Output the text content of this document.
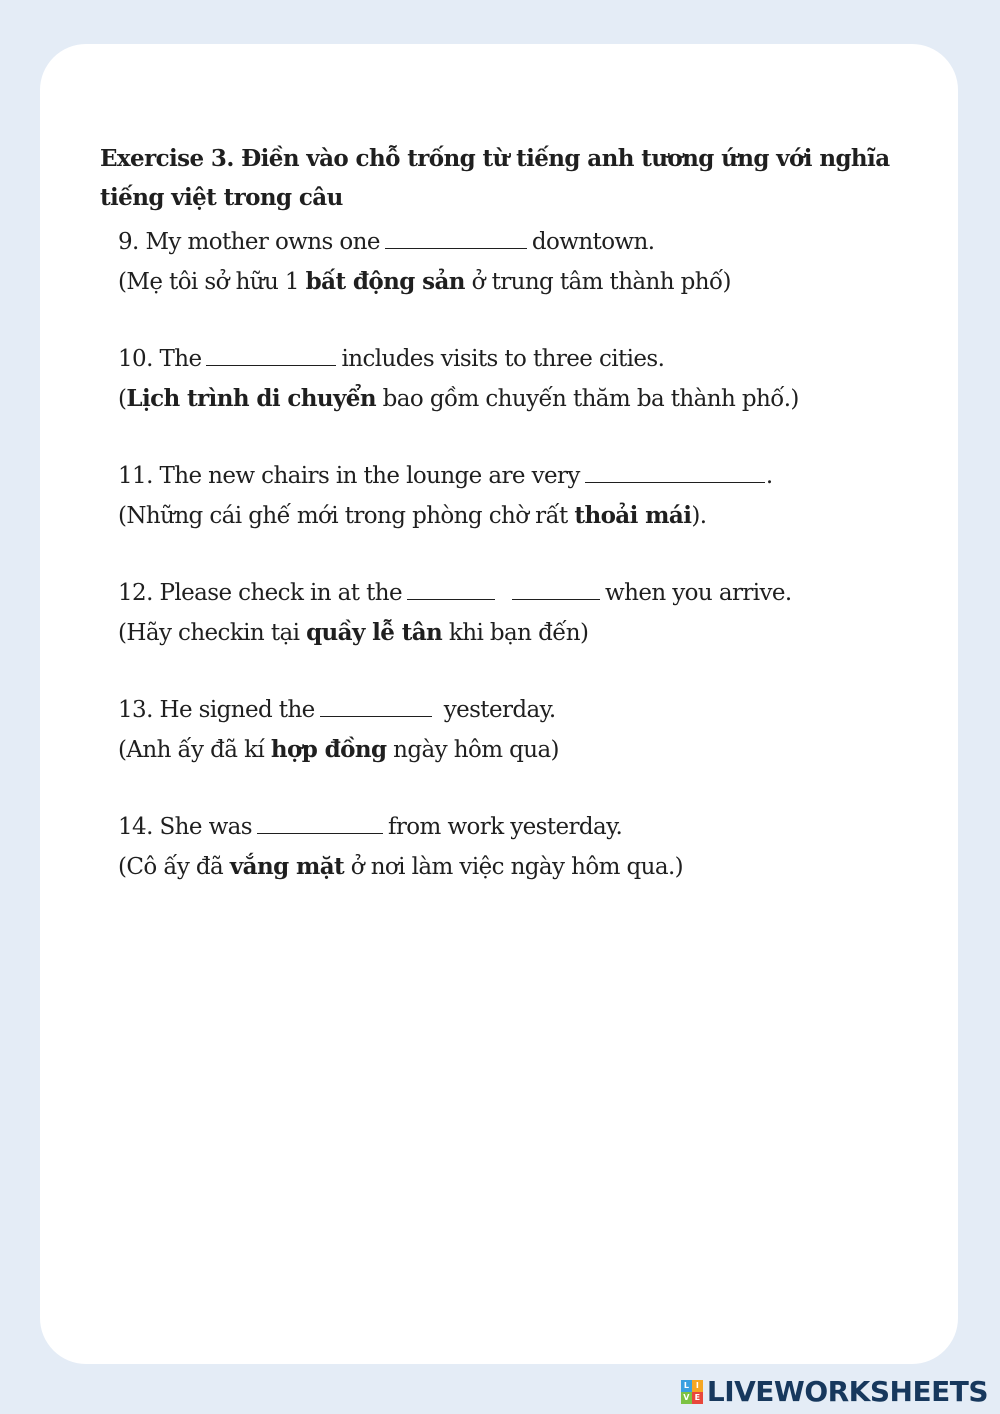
Exercise 3. Điền vào chỗ trống từ tiếng anh tương ứng với nghĩa tiếng việt trong câu
9. My mother owns one	downtown.
(Mẹ tôi sở hữu 1 bất động sản ở trung tâm thành phố)
10. The	includes visits to three cities.
(Lịch trình di chuyển bao gồm chuyến thăm ba thành phố.)
11. The new chairs in the lounge are very	.
(Những cái ghế mới trong phòng chờ rất thoải mái).
12. Please check in at the	when you arrive.
(Hãy checkin tại quầy lễ tân khi bạn đến)
13. He signed the	yesterday.
(Anh ấy đã kí hợp đồng ngày hôm qua)
14. She was	from work yesterday.
(Cô ấy đã vắng mặt ở nơi làm việc ngày hôm qua.)
L I
V E LIVEWORKSHEETS
